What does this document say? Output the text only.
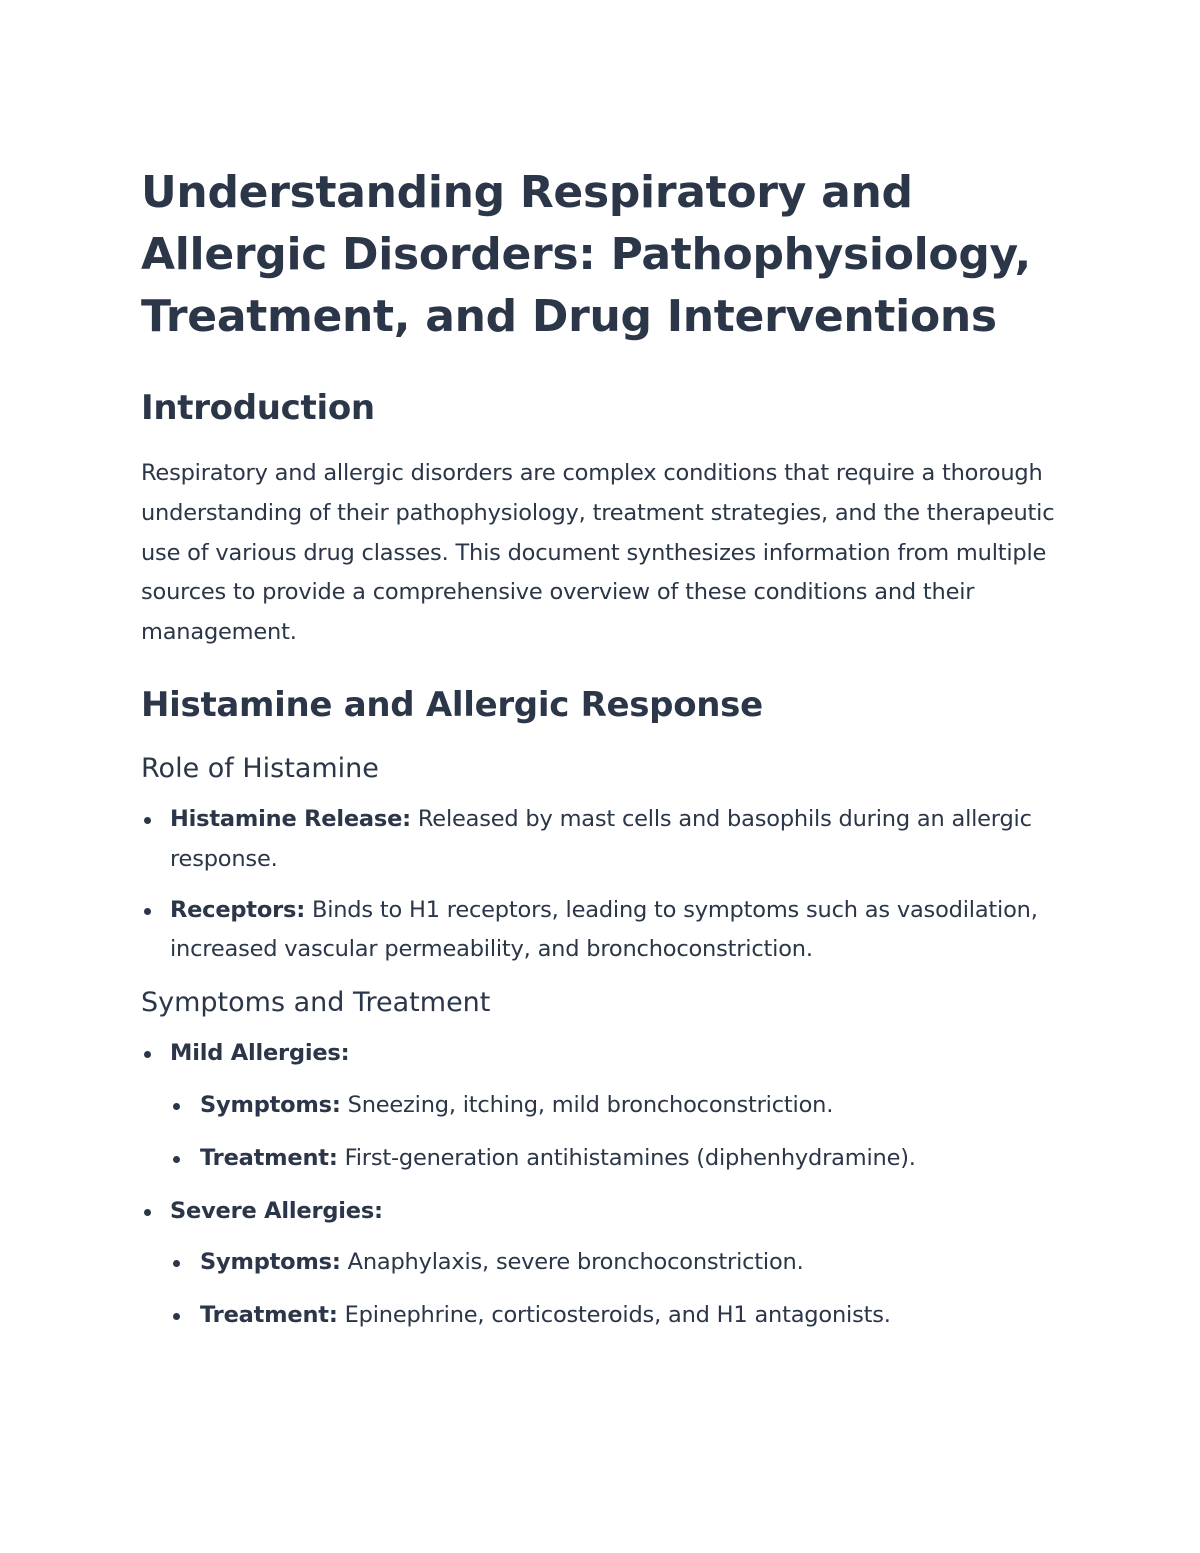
Understanding Respiratory and Allergic Disorders: Pathophysiology, Treatment, and Drug Interventions
Introduction

Respiratory and allergic disorders are complex conditions that require a thorough understanding of their pathophysiology, treatment strategies, and the therapeutic use of various drug classes. This document synthesizes information from multiple sources to provide a comprehensive overview of these conditions and their management.

Histamine and Allergic Response
Role of Histamine
Histamine Release: Released by mast cells and basophils during an allergic response.
Receptors: Binds to H1 receptors, leading to symptoms such as vasodilation, increased vascular permeability, and bronchoconstriction.
Symptoms and Treatment
Mild Allergies:
Symptoms: Sneezing, itching, mild bronchoconstriction.
Treatment: First-generation antihistamines (diphenhydramine).
Severe Allergies:
Symptoms: Anaphylaxis, severe bronchoconstriction.
Treatment: Epinephrine, corticosteroids, and H1 antagonists.
